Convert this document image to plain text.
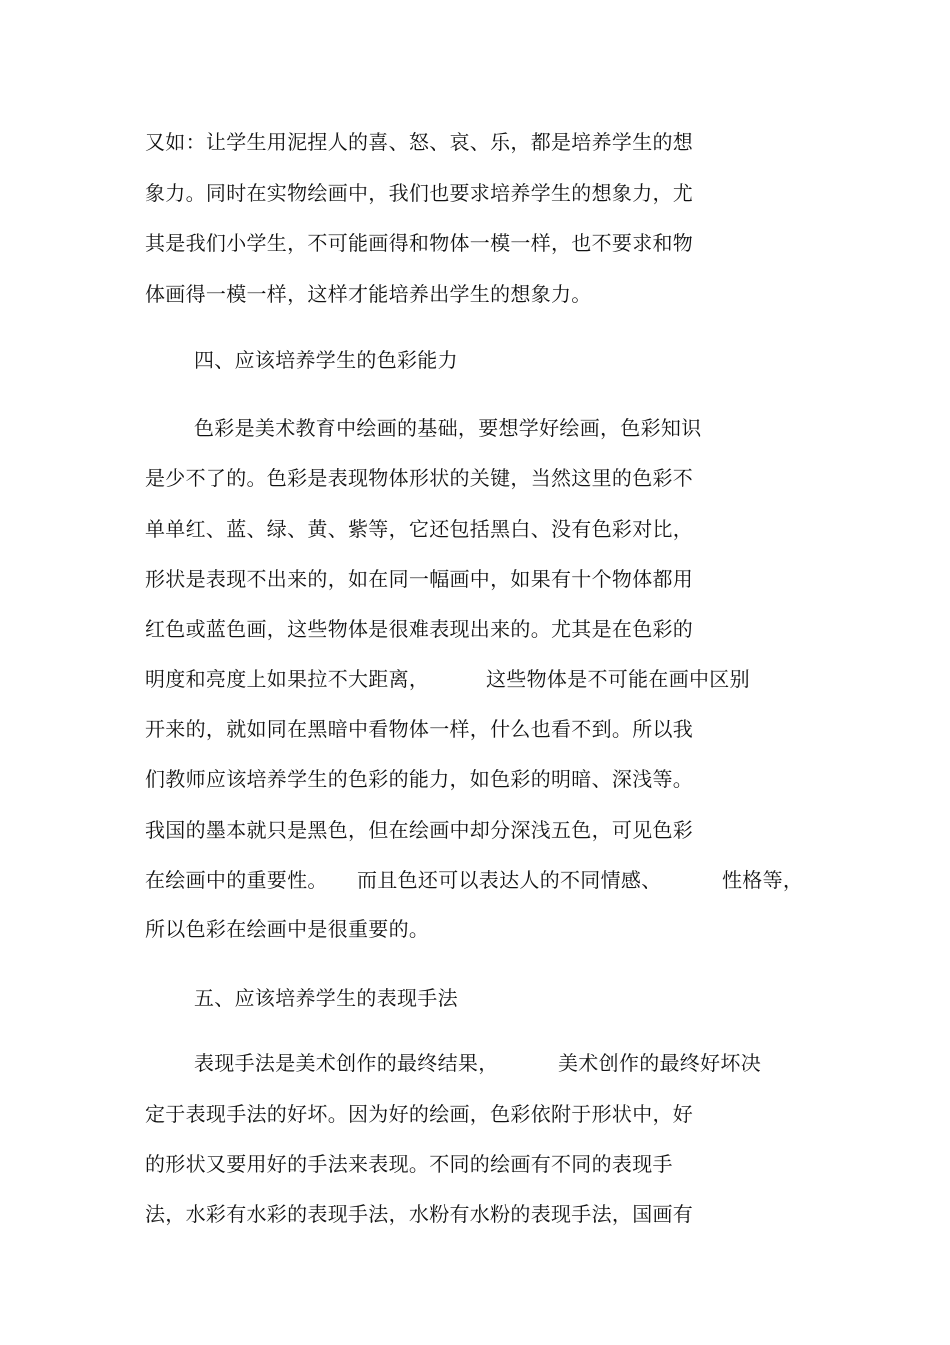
又如：让学生用泥捏人的喜、怒、哀、乐，都是培养学生的想
象力。同时在实物绘画中，我们也要求培养学生的想象力，尤
其是我们小学生，不可能画得和物体一模一样，也不要求和物
体画得一模一样，这样才能培养出学生的想象力。
四、应该培养学生的色彩能力
色彩是美术教育中绘画的基础，要想学好绘画，色彩知识
是少不了的。色彩是表现物体形状的关键，当然这里的色彩不
单单红、蓝、绿、黄、紫等，它还包括黑白、没有色彩对比，
形状是表现不出来的，如在同一幅画中，如果有十个物体都用
红色或蓝色画，这些物体是很难表现出来的。尤其是在色彩的
明度和亮度上如果拉不大距离，	这些物体是不可能在画中区别
开来的，就如同在黑暗中看物体一样，什么也看不到。所以我
们教师应该培养学生的色彩的能力，如色彩的明暗、深浅等。
我国的墨本就只是黑色，但在绘画中却分深浅五色，可见色彩
在绘画中的重要性。 而且色还可以表达人的不同情感、	性格等，
所以色彩在绘画中是很重要的。
五、应该培养学生的表现手法
表现手法是美术创作的最终结果，	美术创作的最终好坏决
定于表现手法的好坏。因为好的绘画，色彩依附于形状中，好
的形状又要用好的手法来表现。不同的绘画有不同的表现手
法，水彩有水彩的表现手法，水粉有水粉的表现手法，国画有
